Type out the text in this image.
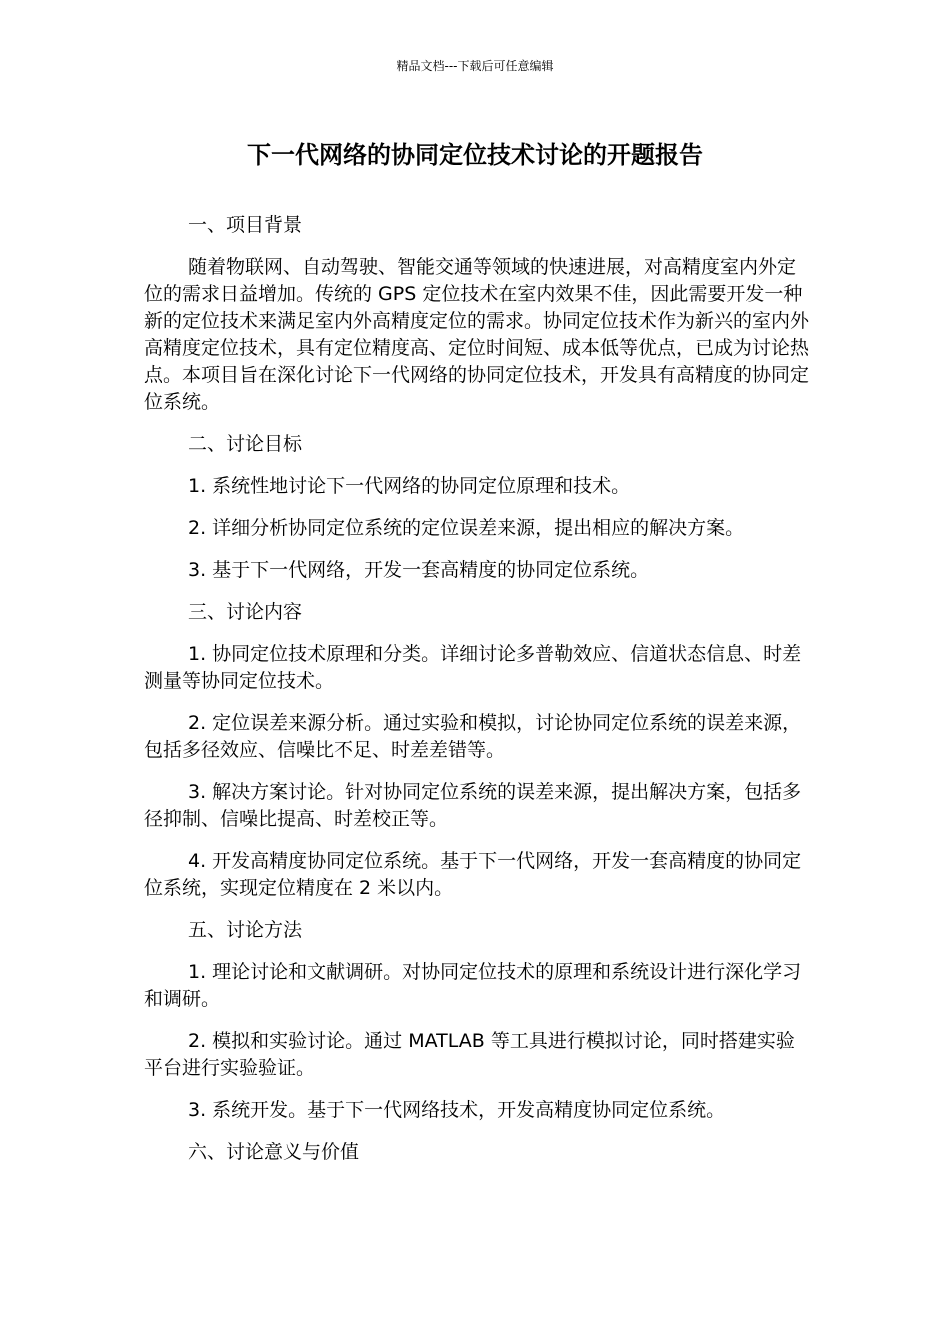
精品文档---下载后可任意编辑
下一代网络的协同定位技术讨论的开题报告

一、项目背景

随着物联网、自动驾驶、智能交通等领域的快速进展，对高精度室内外定位的需求日益增加。传统的 GPS 定位技术在室内效果不佳，因此需要开发一种新的定位技术来满足室内外高精度定位的需求。协同定位技术作为新兴的室内外高精度定位技术，具有定位精度高、定位时间短、成本低等优点，已成为讨论热点。本项目旨在深化讨论下一代网络的协同定位技术，开发具有高精度的协同定位系统。

二、讨论目标

1. 系统性地讨论下一代网络的协同定位原理和技术。

2. 详细分析协同定位系统的定位误差来源，提出相应的解决方案。

3. 基于下一代网络，开发一套高精度的协同定位系统。

三、讨论内容

1. 协同定位技术原理和分类。详细讨论多普勒效应、信道状态信息、时差测量等协同定位技术。

2. 定位误差来源分析。通过实验和模拟，讨论协同定位系统的误差来源，包括多径效应、信噪比不足、时差差错等。

3. 解决方案讨论。针对协同定位系统的误差来源，提出解决方案，包括多径抑制、信噪比提高、时差校正等。

4. 开发高精度协同定位系统。基于下一代网络，开发一套高精度的协同定位系统，实现定位精度在 2 米以内。

五、讨论方法

1. 理论讨论和文献调研。对协同定位技术的原理和系统设计进行深化学习和调研。

2. 模拟和实验讨论。通过 MATLAB 等工具进行模拟讨论，同时搭建实验平台进行实验验证。

3. 系统开发。基于下一代网络技术，开发高精度协同定位系统。

六、讨论意义与价值
